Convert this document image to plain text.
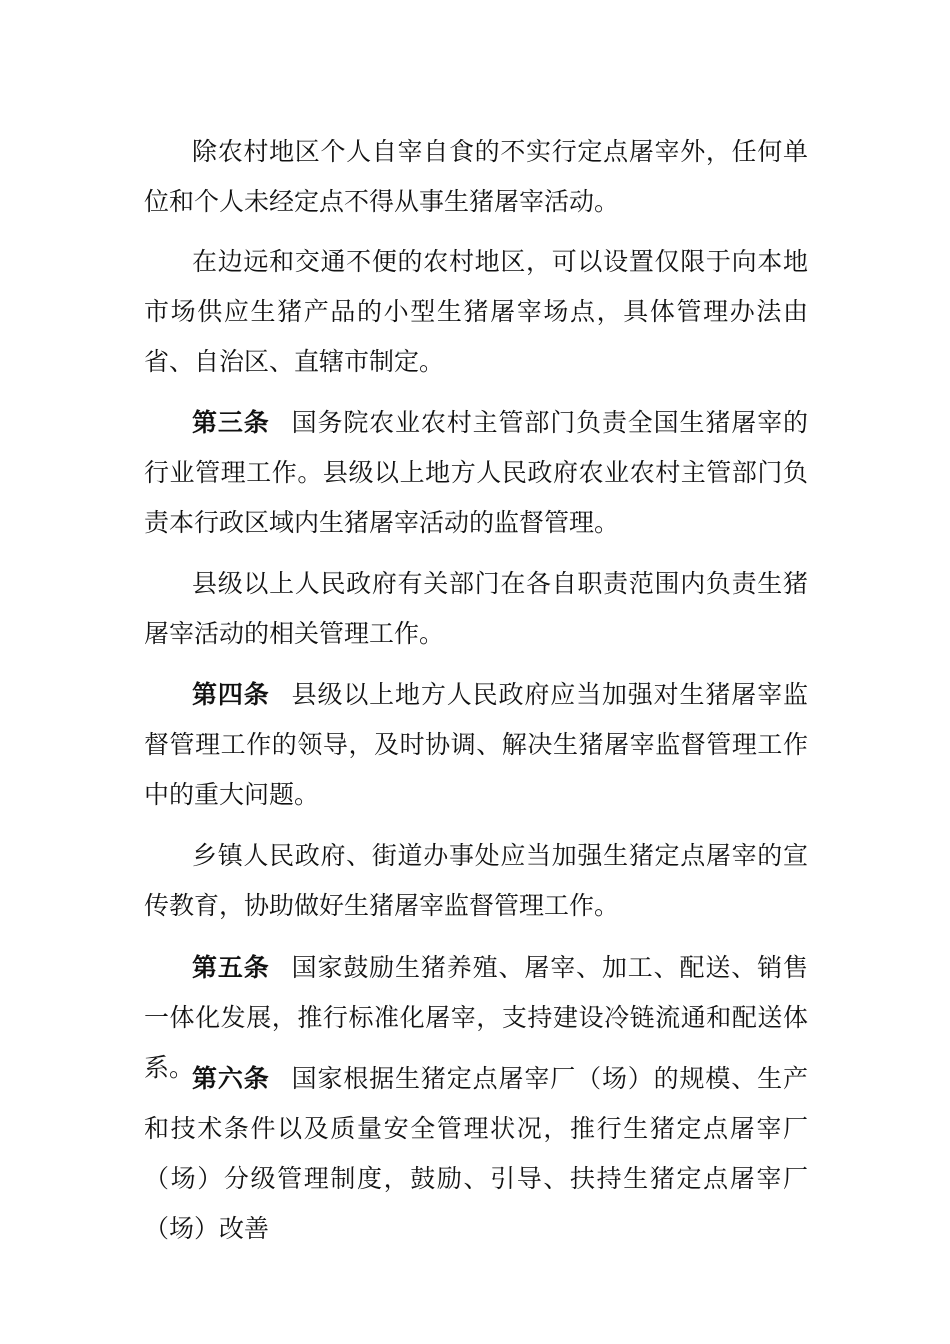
除农村地区个人自宰自食的不实行定点屠宰外，任何单位和个人未经定点不得从事生猪屠宰活动。

在边远和交通不便的农村地区，可以设置仅限于向本地市场供应生猪产品的小型生猪屠宰场点，具体管理办法由省、自治区、直辖市制定。

第三条 国务院农业农村主管部门负责全国生猪屠宰的行业管理工作。县级以上地方人民政府农业农村主管部门负责本行政区域内生猪屠宰活动的监督管理。

县级以上人民政府有关部门在各自职责范围内负责生猪屠宰活动的相关管理工作。

第四条 县级以上地方人民政府应当加强对生猪屠宰监督管理工作的领导，及时协调、解决生猪屠宰监督管理工作中的重大问题。

乡镇人民政府、街道办事处应当加强生猪定点屠宰的宣传教育，协助做好生猪屠宰监督管理工作。

第五条 国家鼓励生猪养殖、屠宰、加工、配送、销售一体化发展，推行标准化屠宰，支持建设冷链流通和配送体系。

第六条 国家根据生猪定点屠宰厂（场）的规模、生产和技术条件以及质量安全管理状况，推行生猪定点屠宰厂（场）分级管理制度，鼓励、引导、扶持生猪定点屠宰厂（场）改善
